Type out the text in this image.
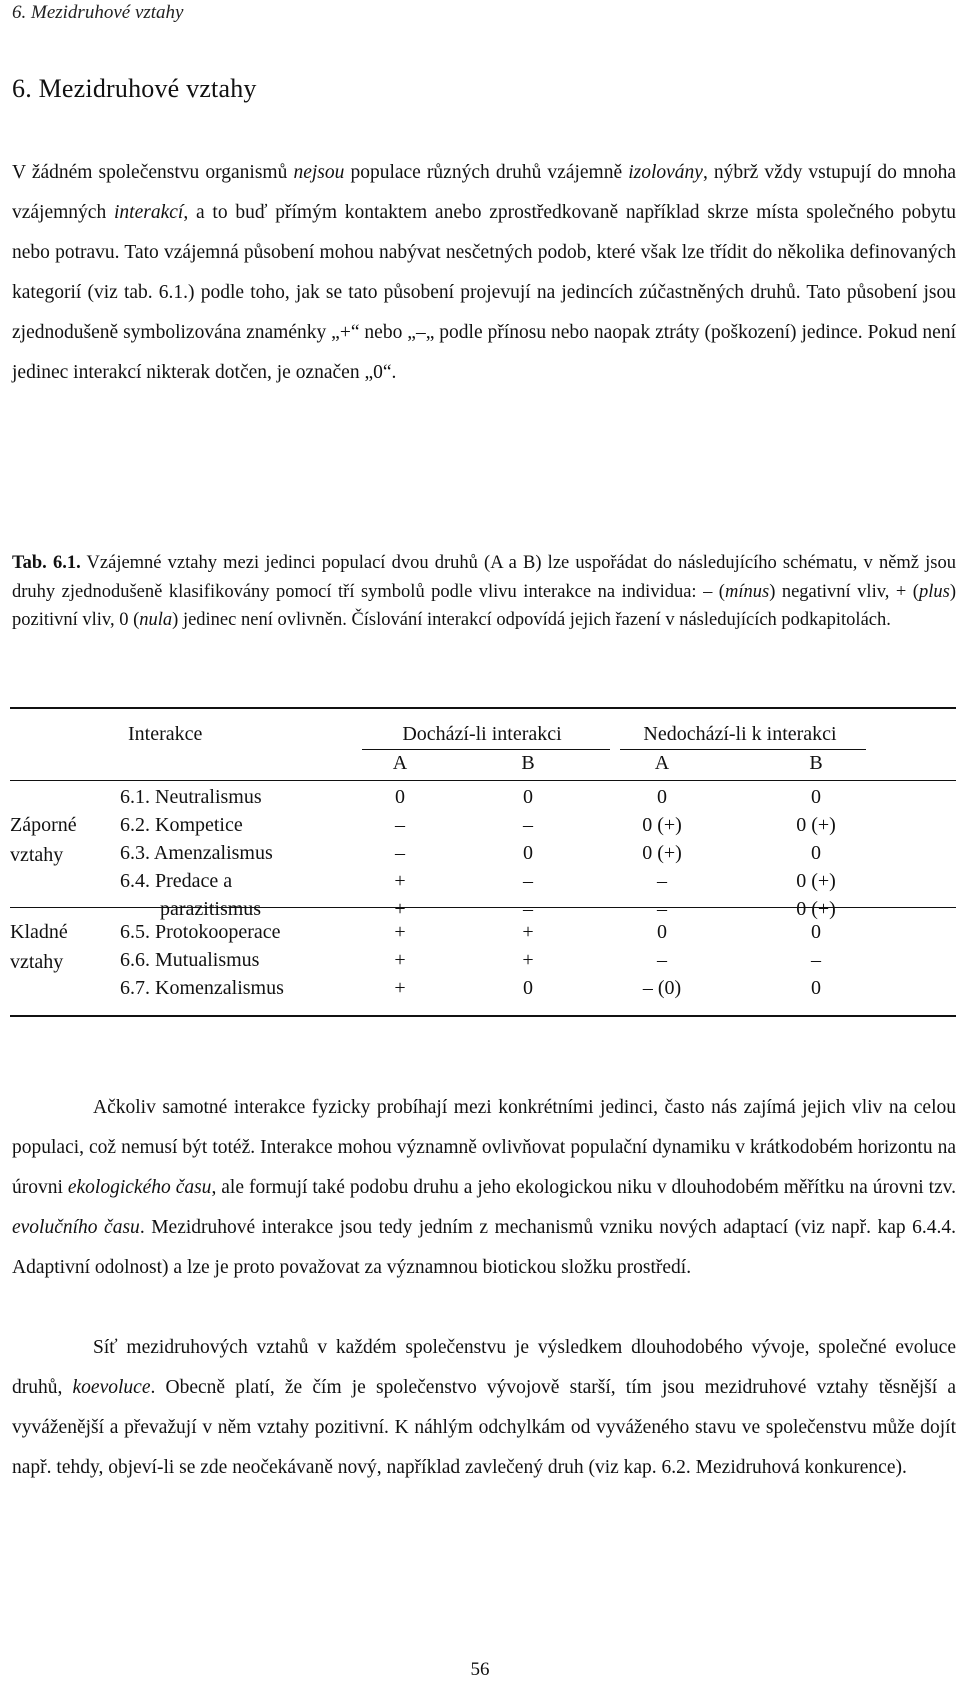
6. Mezidruhové vztahy
6. Mezidruhové vztahy

V žádném společenstvu organismů nejsou populace různých druhů vzájemně izolovány, nýbrž vždy vstupují do mnoha vzájemných interakcí, a to buď přímým kontaktem anebo zprostředkovaně například skrze místa společného pobytu nebo potravu. Tato vzájemná působení mohou nabývat nesčetných podob, které však lze třídit do několika definovaných kategorií (viz tab. 6.1.) podle toho, jak se tato působení projevují na jedincích zúčastněných druhů. Tato působení jsou zjednodušeně symbolizována znaménky „+“ nebo „–„ podle přínosu nebo naopak ztráty (poškození) jedince. Pokud není jedinec interakcí nikterak dotčen, je označen „0“.

Tab. 6.1. Vzájemné vztahy mezi jedinci populací dvou druhů (A a B) lze uspořádat do následujícího schématu, v němž jsou druhy zjednodušeně klasifikovány pomocí tří symbolů podle vlivu interakce na individua: – (mínus) negativní vliv, + (plus) pozitivní vliv, 0 (nula) jedinec není ovlivněn. Číslování interakcí odpovídá jejich řazení v následujících podkapitolách.

Interakce	Dochází-li interakci	Nedochází-li k interakci
A	B	A	B
Záporné
vztahy
Kladné
vztahy
6.1. Neutralismus	0	0	0	0
6.2. Kompetice	–	–	0 (+)	0 (+)
6.3. Amenzalismus	–	0	0 (+)	0
6.4. Predace a	+	–	–	0 (+)
parazitismus	+	–	–	0 (+)
6.5. Protokooperace	+	+	0	0
6.6. Mutualismus	+	+	–	–
6.7. Komenzalismus	+	0	– (0)	0

Ačkoliv samotné interakce fyzicky probíhají mezi konkrétními jedinci, často nás zajímá jejich vliv na celou populaci, což nemusí být totéž. Interakce mohou významně ovlivňovat populační dynamiku v krátkodobém horizontu na úrovni ekologického času, ale formují také podobu druhu a jeho ekologickou niku v dlouhodobém měřítku na úrovni tzv. evolučního času. Mezidruhové interakce jsou tedy jedním z mechanismů vzniku nových adaptací (viz např. kap 6.4.4. Adaptivní odolnost) a lze je proto považovat za významnou biotickou složku prostředí.

Síť mezidruhových vztahů v každém společenstvu je výsledkem dlouhodobého vývoje, společné evoluce druhů, koevoluce. Obecně platí, že čím je společenstvo vývojově starší, tím jsou mezidruhové vztahy těsnější a vyváženější a převažují v něm vztahy pozitivní. K náhlým odchylkám od vyváženého stavu ve společenstvu může dojít např. tehdy, objeví-li se zde neočekávaně nový, například zavlečený druh (viz kap. 6.2. Mezidruhová konkurence).

56
